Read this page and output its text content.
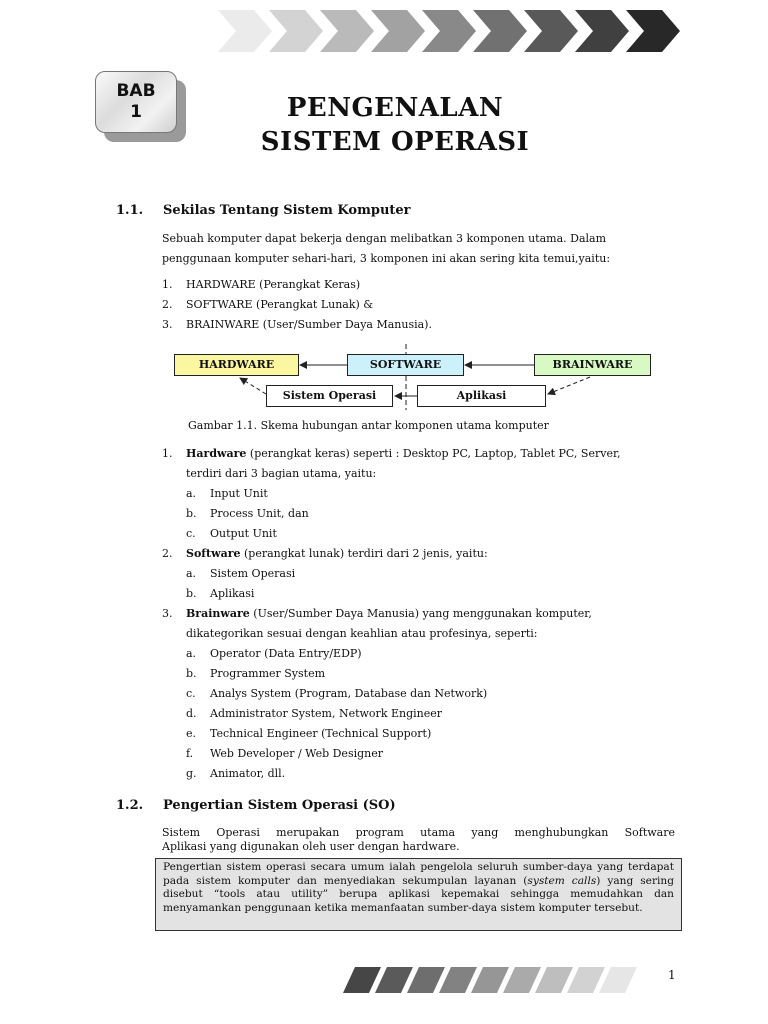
BAB
1	PENGENALAN
SISTEM OPERASI
1.1. Sekilas Tentang Sistem Komputer
Sebuah komputer dapat bekerja dengan melibatkan 3 komponen utama. Dalam
penggunaan komputer sehari-hari, 3 komponen ini akan sering kita temui,yaitu:
1. HARDWARE (Perangkat Keras)
2. SOFTWARE (Perangkat Lunak) &
3. BRAINWARE (User/Sumber Daya Manusia).
HARDWARE	SOFTWARE	BRAINWARE
Sistem Operasi	Aplikasi
Gambar 1.1. Skema hubungan antar komponen utama komputer
1. Hardware (perangkat keras) seperti : Desktop PC, Laptop, Tablet PC, Server,
terdiri dari 3 bagian utama, yaitu:
a. Input Unit
b. Process Unit, dan
c. Output Unit
2. Software (perangkat lunak) terdiri dari 2 jenis, yaitu:
a. Sistem Operasi
b. Aplikasi
3. Brainware (User/Sumber Daya Manusia) yang menggunakan komputer,
dikategorikan sesuai dengan keahlian atau profesinya, seperti:
a. Operator (Data Entry/EDP)
b. Programmer System
c. Analys System (Program, Database dan Network)
d. Administrator System, Network Engineer
e. Technical Engineer (Technical Support)
f. Web Developer / Web Designer
g. Animator, dll.
1.2. Pengertian Sistem Operasi (SO)
Sistem Operasi merupakan program utama yang menghubungkan Software
Aplikasi yang digunakan oleh user dengan hardware.
Pengertian sistem operasi secara umum ialah pengelola seluruh sumber-daya yang terdapat pada sistem komputer dan menyediakan sekumpulan layanan (system calls) yang sering disebut “tools atau utility” berupa aplikasi kepemakai sehingga memudahkan dan menyamankan penggunaan ketika memanfaatan sumber-daya sistem komputer tersebut.
1
